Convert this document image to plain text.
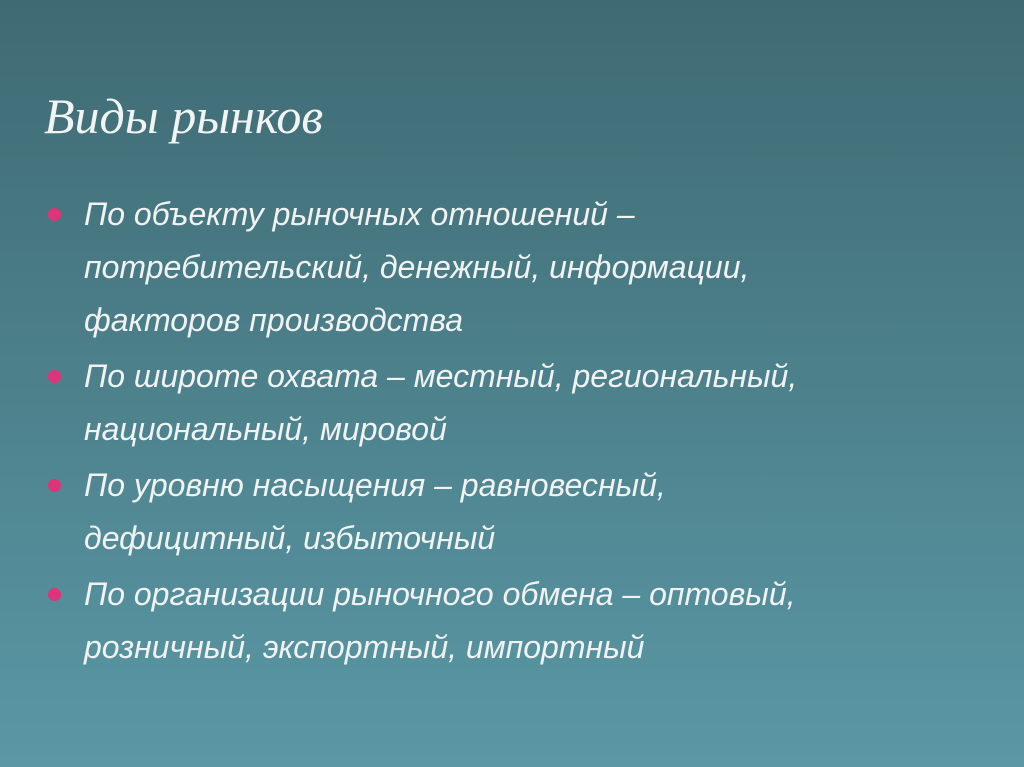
Виды рынков
По объекту рыночных отношений –
потребительский, денежный, информации,
факторов производства
По широте охвата – местный, региональный,
национальный, мировой
По уровню насыщения – равновесный,
дефицитный, избыточный
По организации рыночного обмена – оптовый,
розничный, экспортный, импортный
